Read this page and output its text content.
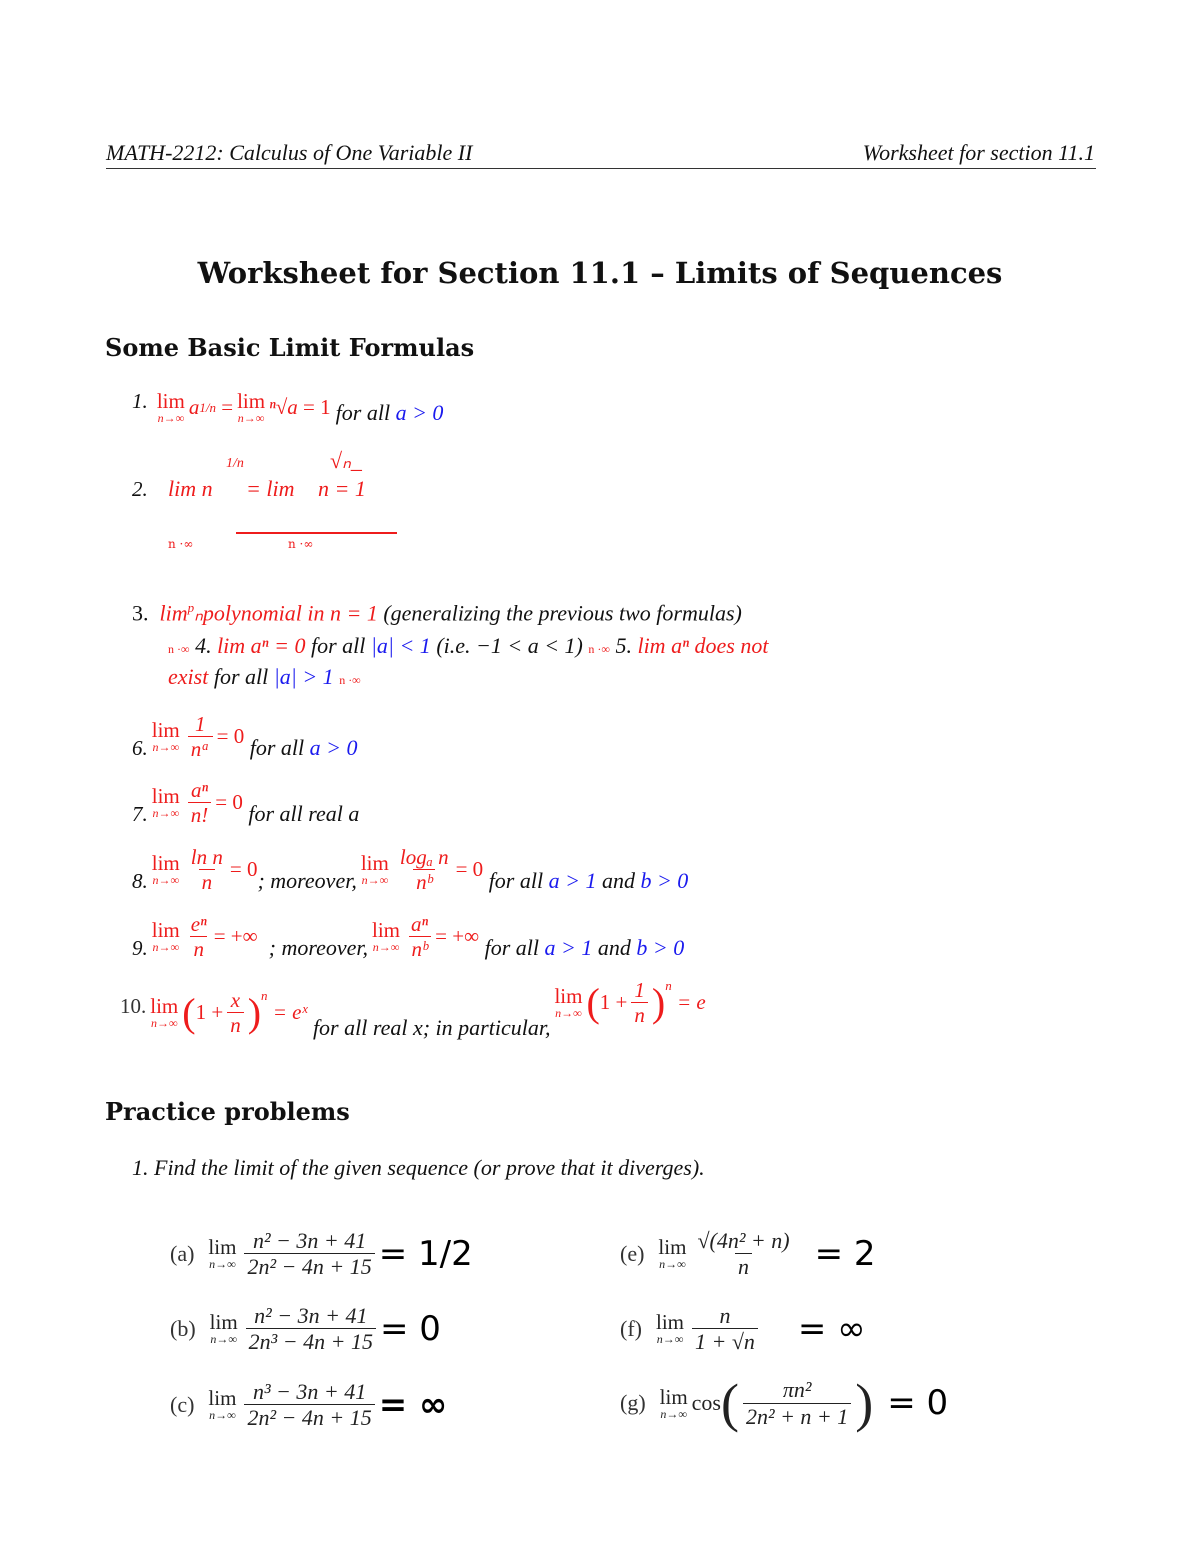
MATH-2212: Calculus of One Variable II	Worksheet for section 11.1
Worksheet for Section 11.1 – Limits of Sequences
Some Basic Limit Formulas
1. lim
n→∞ a 1/n
= lim
n→∞ ⁿ√a
= 1 for all a > 0
2. lim n
1/n
= lim
√ₙ_
n = 1
n ·∞	n ·∞
3. $\lim^p_npolynomial$ in n = 1 (generalizing the previous two formulas)
n ·∞ 4. lim aⁿ = 0 for all |a| < 1 (i.e. −1 < a < 1) n ·∞ 5. lim aⁿ does not
exist for all |a| > 1 n ·∞
6.
lim
$n\to\infty \frac{1}{\text{nᵃ}} = 0$ for all a > 0
7.
lim
$n\to\infty \frac{\text{aⁿ}}{n!} = 0$ for all real a
8.
lim
$n\to\infty \frac{\text{ln n}}{n} = 0$ ; moreover,
lim
$n\to\infty \frac{\text{logₐ n}}{\text{nᵇ}} = 0$ for all a > 1 and b > 0
9.
lim
$n\to\infty \frac{\text{eⁿ}}{n}$ = +∞ ; moreover,
lim
$n\to\infty \frac{\text{aⁿ}}{\text{nᵇ}}$ = +∞ for all a > 1 and b > 0
10. lim
n→∞ ( $1 + \frac{x}{n}$ ) n

= eˣ
for all real x; in particular,
lim
n→∞ ( $1 + \frac{1}{n}$ ) n

= e
Practice problems
1. Find the limit of the given sequence (or prove that it diverges).
(a) lim
$n\to\infty \frac{\text{n² − 3n + 41}}{\text{2n² − 4n + 15}} = 1/2$
(b) lim
$n\to\infty \frac{\text{n² − 3n + 41}}{\text{2n³ − 4n + 15}} = 0$
(c) lim
$n\to\infty \frac{\text{n³ − 3n + 41}}{\text{2n² − 4n + 15}}$ = ∞
(e) lim
$n\to\infty \frac{\text{√(4n² + n)}}{n} = 2$
(f) lim
$n\to\infty \frac{n}{1 + √n}$ = ∞
(g) lim
n→∞ cos ( $\frac{\text{πn²}}{\text{2n² + n + 1}}$ ) = 0
